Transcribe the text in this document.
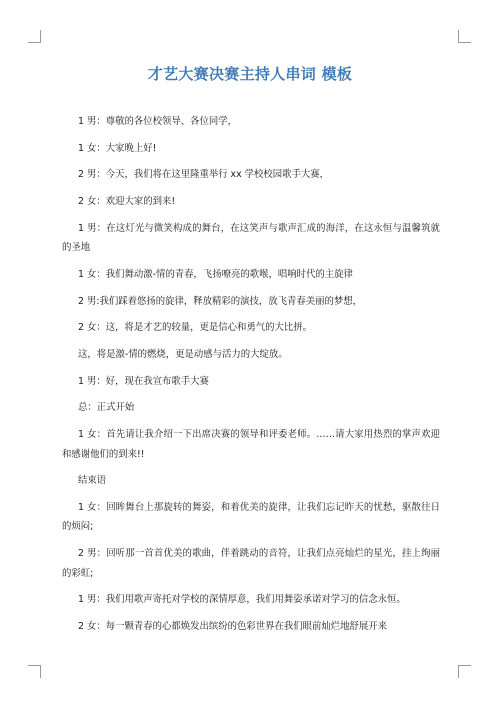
才艺大赛决赛主持人串词 模板

1 男：尊敬的各位校领导、各位同学，

1 女：大家晚上好!

2 男：今天，我们将在这里隆重举行 xx 学校校园歌手大赛，

2 女：欢迎大家的到来!

1 男：在这灯光与微笑构成的舞台，在这笑声与歌声汇成的海洋，在这永恒与温馨筑就的圣地

1 女：我们舞动激-情的青春，飞扬嘹亮的歌喉，唱响时代的主旋律

2 男:我们踩着悠扬的旋律，释放精彩的演技，放飞青春美丽的梦想，

2 女：这，将是才艺的较量，更是信心和勇气的大比拼。

这，将是激-情的燃烧，更是动感与活力的大绽放。

1 男：好，现在我宣布歌手大赛

总：正式开始

1 女：首先请让我介绍一下出席决赛的领导和评委老师。……请大家用热烈的掌声欢迎和感谢他们的到来!!

结束语

1 女：回眸舞台上那旋转的舞姿，和着优美的旋律，让我们忘记昨天的忧愁，驱散往日的烦闷;

2 男：回听那一首首优美的歌曲，伴着跳动的音符，让我们点亮灿烂的星光，挂上绚丽的彩虹;

1 男：我们用歌声寄托对学校的深情厚意，我们用舞姿承诺对学习的信念永恒。

2 女：每一颗青春的心都焕发出缤纷的色彩世界在我们眼前灿烂地舒展开来
